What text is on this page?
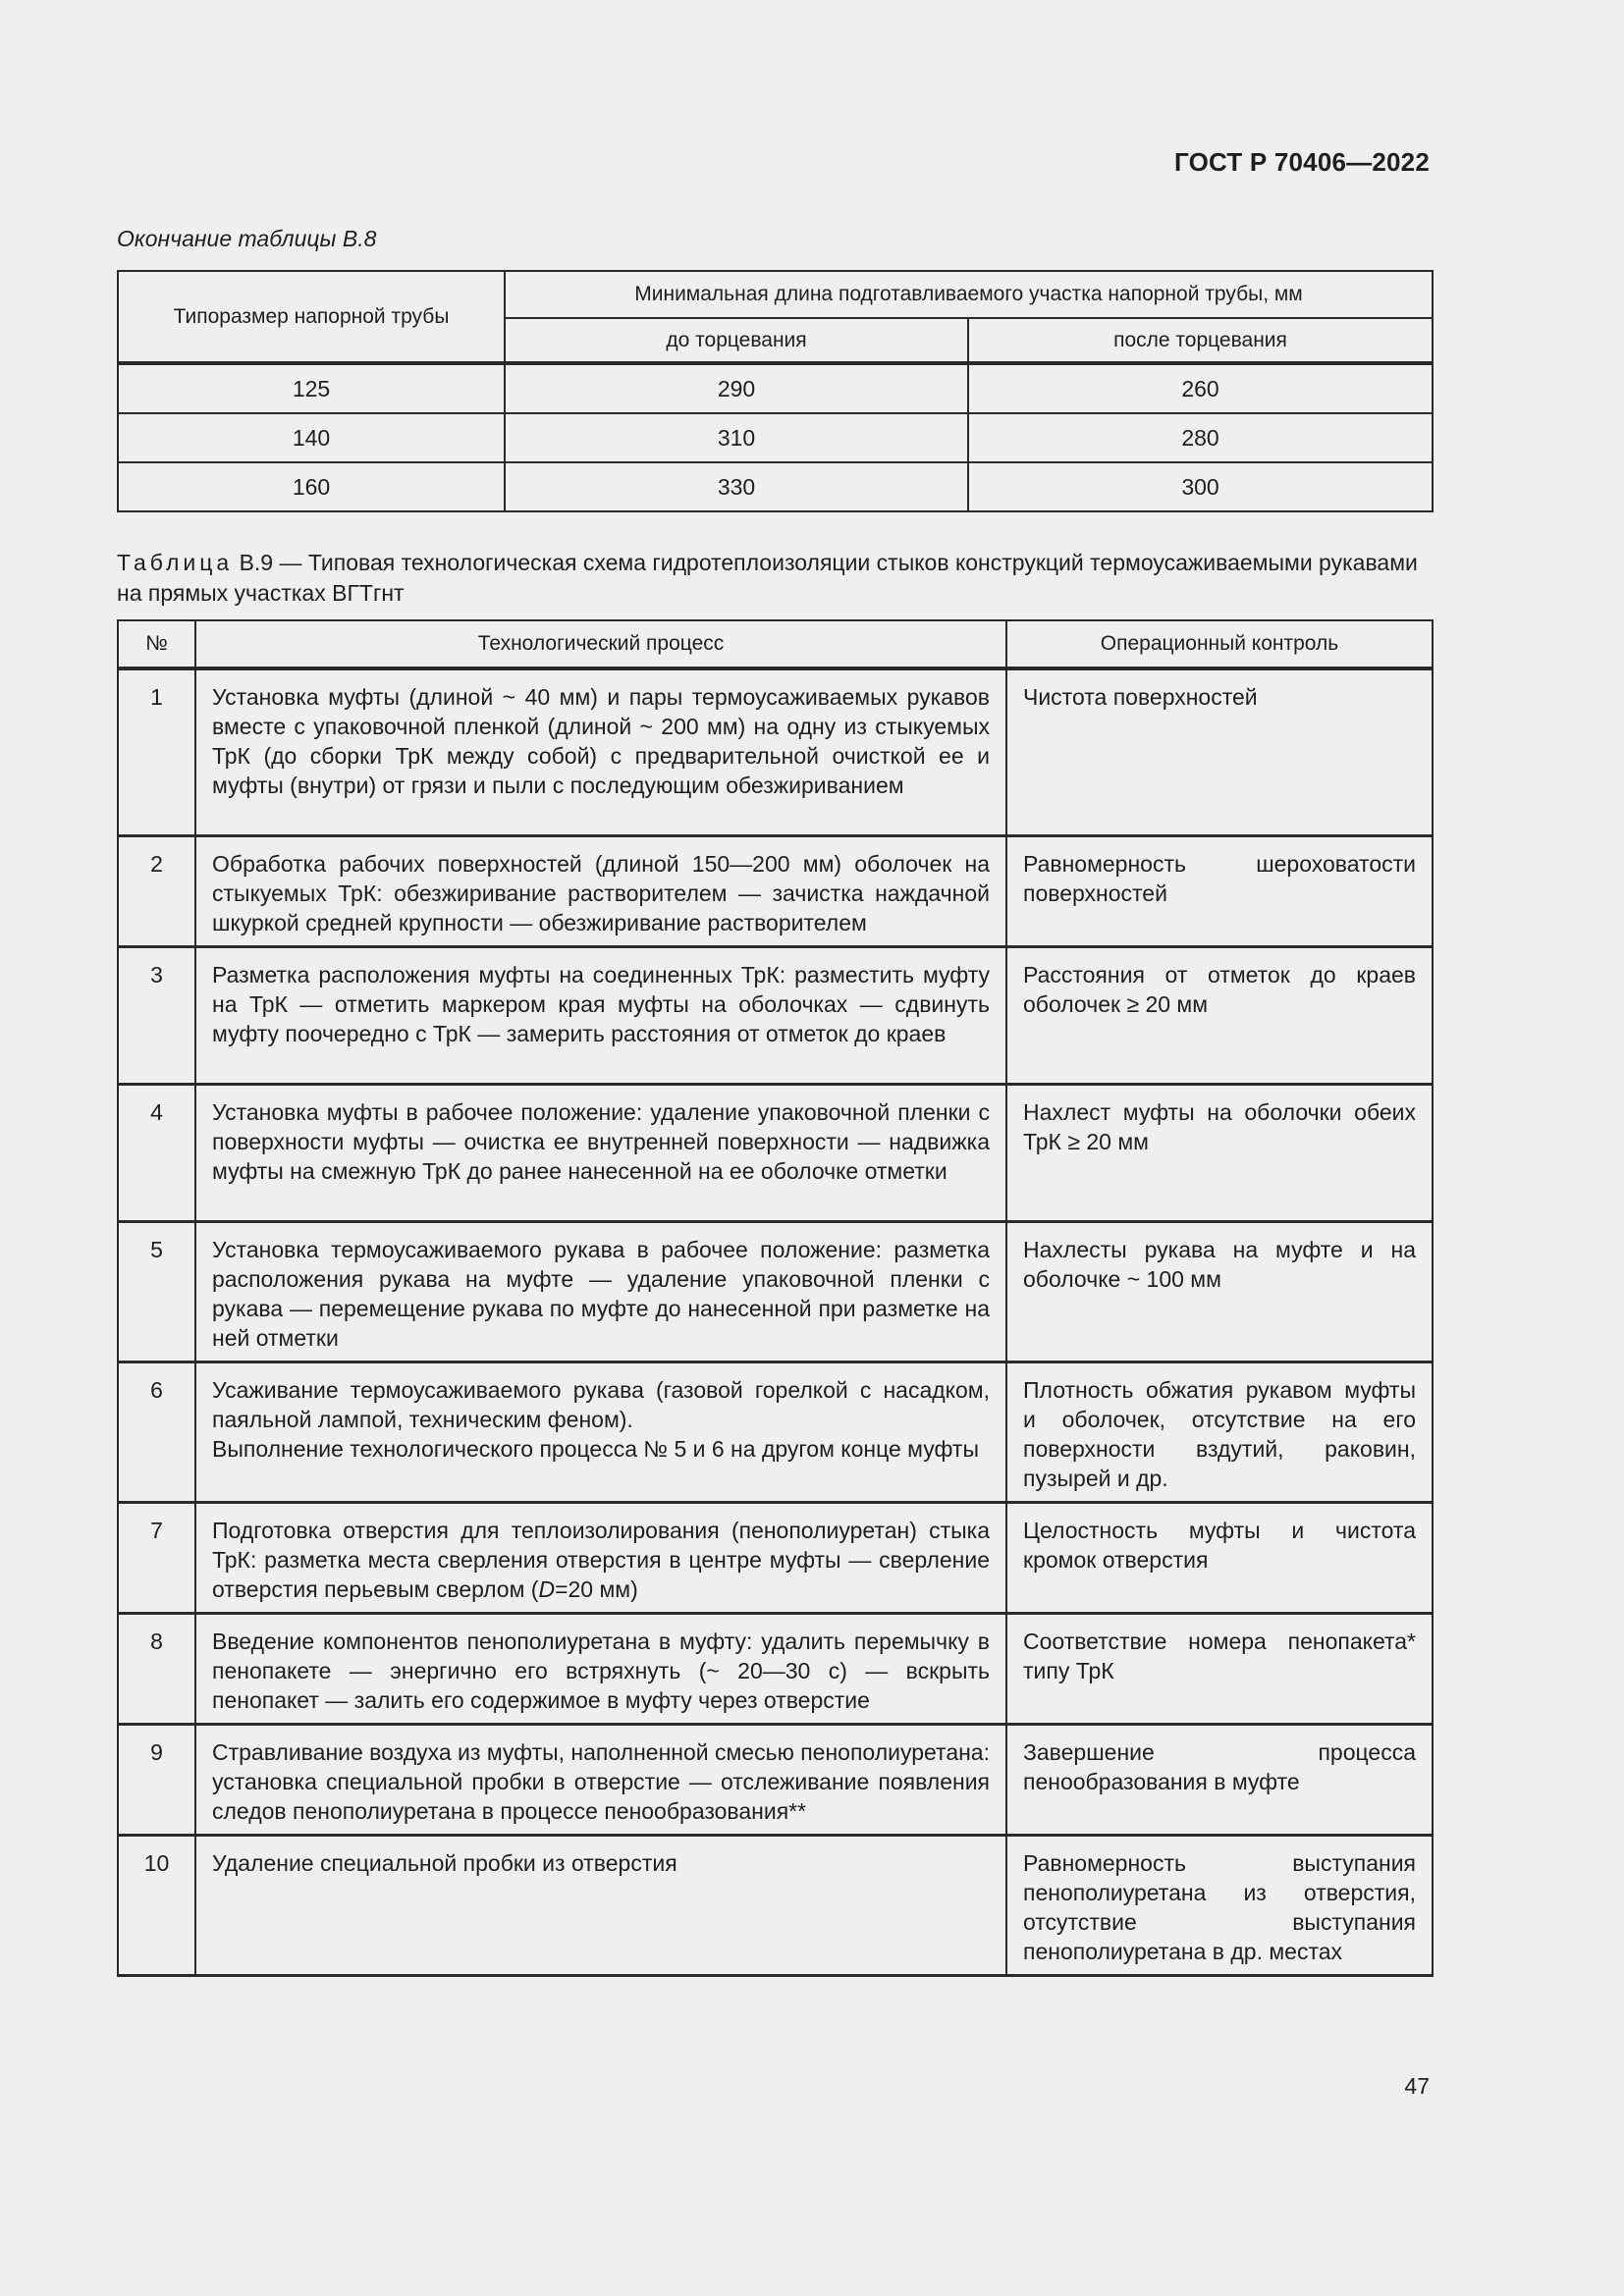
ГОСТ Р 70406—2022
Окончание таблицы В.8
Типоразмер напорной трубы	Минимальная длина подготавливаемого участка напорной трубы, мм	
	до торцевания	после торцевания
125	290	260
140	310	280
160	330	300
Таблица В.9 — Типовая технологическая схема гидротеплоизоляции стыков конструкций термоусаживаемыми рукавами на прямых участках ВГТгнт
№	Технологический процесс	Операционный контроль
1	Установка муфты (длиной ~ 40 мм) и пары термоусаживаемых рукавов вместе с упаковочной пленкой (длиной ~ 200 мм) на одну из стыкуемых ТрК (до сборки ТрК между собой) с предварительной очисткой ее и муфты (внутри) от грязи и пыли с последующим обезжириванием	Чистота поверхностей
2	Обработка рабочих поверхностей (длиной 150—200 мм) оболочек на стыкуемых ТрК: обезжиривание растворителем — зачистка наждачной шкуркой средней крупности — обезжиривание растворителем	Равномерность шероховатости поверхностей
3	Разметка расположения муфты на соединенных ТрК: разместить муфту на ТрК — отметить маркером края муфты на оболочках — сдвинуть муфту поочередно с ТрК — замерить расстояния от отметок до краев	Расстояния от отметок до краев оболочек ≥ 20 мм
4	Установка муфты в рабочее положение: удаление упаковочной пленки с поверхности муфты — очистка ее внутренней поверхности — надвижка муфты на смежную ТрК до ранее нанесенной на ее оболочке отметки	Нахлест муфты на оболочки обеих ТрК ≥ 20 мм
5	Установка термоусаживаемого рукава в рабочее положение: разметка расположения рукава на муфте — удаление упаковочной пленки с рукава — перемещение рукава по муфте до нанесенной при разметке на ней отметки	Нахлесты рукава на муфте и на оболочке ~ 100 мм
6	Усаживание термоусаживаемого рукава (газовой горелкой с насадком, паяльной лампой, техническим феном).
Выполнение технологического процесса № 5 и 6 на другом конце муфты	Плотность обжатия рукавом муфты и оболочек, отсутствие на его поверхности вздутий, раковин, пузырей и др.
7	Подготовка отверстия для теплоизолирования (пенополиуретан) стыка ТрК: разметка места сверления отверстия в центре муфты — сверление отверстия перьевым сверлом (D=20 мм)	Целостность муфты и чистота кромок отверстия
8	Введение компонентов пенополиуретана в муфту: удалить перемычку в пенопакете — энергично его встряхнуть (~ 20—30 с) — вскрыть пенопакет — залить его содержимое в муфту через отверстие	Соответствие номера пенопакета* типу ТрК
9	Стравливание воздуха из муфты, наполненной смесью пенополиуретана: установка специальной пробки в отверстие — отслеживание появления следов пенополиуретана в процессе пенообразования**	Завершение процесса пенообразования в муфте
10	Удаление специальной пробки из отверстия	Равномерность выступания пенополиуретана из отверстия, отсутствие выступания пенополиуретана в др. местах
47
